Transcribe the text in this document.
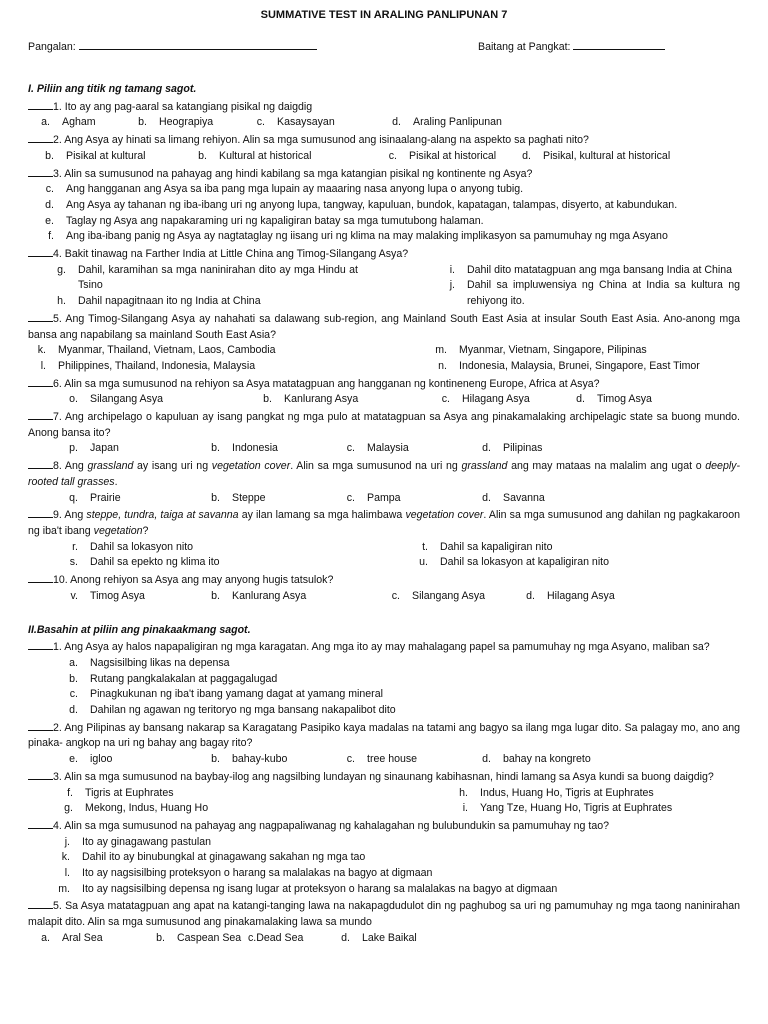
SUMMATIVE TEST IN ARALING PANLIPUNAN 7
Pangalan:	Baitang at Pangkat:
I. Piliin ang titik ng tamang sagot.
1. Ito ay ang pag-aaral sa katangiang pisikal ng daigdig
a.	Agham	b.	Heograpiya	c.	Kasaysayan	d.	Araling Panlipunan
2. Ang Asya ay hinati sa limang rehiyon. Alin sa mga sumusunod ang isinaalang-alang na aspekto sa paghati nito?
b.	Pisikal at kultural	b.	Kultural at historical	c.	Pisikal at historical	d.	Pisikal, kultural at historical
3. Alin sa sumusunod na pahayag ang hindi kabilang sa mga katangian pisikal ng kontinente ng Asya?
c.	Ang hangganan ang Asya sa iba pang mga lupain ay maaaring nasa anyong lupa o anyong tubig.
d.	Ang Asya ay tahanan ng iba-ibang uri ng anyong lupa, tangway, kapuluan, bundok, kapatagan, talampas, disyerto, at kabundukan.
e.	Taglay ng Asya ang napakaraming uri ng kapaligiran batay sa mga tumutubong halaman.
f.	Ang iba-ibang panig ng Asya ay nagtataglay ng iisang uri ng klima na may malaking implikasyon sa pamumuhay ng mga Asyano
4. Bakit tinawag na Farther India at Little China ang Timog-Silangang Asya?
g.	Dahil, karamihan sa mga naninirahan dito ay mga Hindu at Tsino
h.	Dahil napagitnaan ito ng India at China
i.	Dahil dito matatagpuan ang mga bansang India at China
j.	Dahil sa impluwensiya ng China at India sa kultura ng rehiyong ito.
5. Ang Timog-Silangang Asya ay nahahati sa dalawang sub-region, ang Mainland South East Asia at insular South East Asia. Ano-anong mga bansa ang napabilang sa mainland South East Asia?
k.	Myanmar, Thailand, Vietnam, Laos, Cambodia
l.	Philippines, Thailand, Indonesia, Malaysia
m.	Myanmar, Vietnam, Singapore, Pilipinas
n.	Indonesia, Malaysia, Brunei, Singapore, East Timor
6. Alin sa mga sumusunod na rehiyon sa Asya matatagpuan ang hangganan ng kontineneng Europe, Africa at Asya?
o.	Silangang Asya	b.	Kanlurang Asya	c.	Hilagang Asya	d.	Timog Asya
7. Ang archipelago o kapuluan ay isang pangkat ng mga pulo at matatagpuan sa Asya ang pinakamalaking archipelagic state sa buong mundo. Anong bansa ito?
p.	Japan	b.	Indonesia	c.	Malaysia	d.	Pilipinas
8. Ang grassland ay isang uri ng vegetation cover. Alin sa mga sumusunod na uri ng grassland ang may mataas na malalim ang ugat o deeply-rooted tall grasses.
q.	Prairie	b.	Steppe	c.	Pampa	d.	Savanna
9. Ang steppe, tundra, taiga at savanna ay ilan lamang sa mga halimbawa vegetation cover. Alin sa mga sumusunod ang dahilan ng pagkakaroon ng iba't ibang vegetation?
r.	Dahil sa lokasyon nito
s.	Dahil sa epekto ng klima ito
t.	Dahil sa kapaligiran nito
u.	Dahil sa lokasyon at kapaligiran nito
10. Anong rehiyon sa Asya ang may anyong hugis tatsulok?
v.	Timog Asya	b.	Kanlurang Asya	c.	Silangang Asya	d.	Hilagang Asya
II.Basahin at piliin ang pinakaakmang sagot.
1. Ang Asya ay halos napapaligiran ng mga karagatan. Ang mga ito ay may mahalagang papel sa pamumuhay ng mga Asyano, maliban sa?
a.	Nagsisilbing likas na depensa
b.	Rutang pangkalakalan at paggagalugad
c.	Pinagkukunan ng iba't ibang yamang dagat at yamang mineral
d.	Dahilan ng agawan ng teritoryo ng mga bansang nakapalibot dito
2. Ang Pilipinas ay bansang nakarap sa Karagatang Pasipiko kaya madalas na tatami ang bagyo sa ilang mga lugar dito. Sa palagay mo, ano ang pinaka- angkop na uri ng bahay ang bagay rito?
e.	igloo	b.	bahay-kubo	c.	tree house	d.	bahay na kongreto
3. Alin sa mga sumusunod na baybay-ilog ang nagsilbing lundayan ng sinaunang kabihasnan, hindi lamang sa Asya kundi sa buong daigdig?
f.	Tigris at Euphrates
g.	Mekong, Indus, Huang Ho
h.	Indus, Huang Ho, Tigris at Euphrates
i.	Yang Tze, Huang Ho, Tigris at Euphrates
4. Alin sa mga sumusunod na pahayag ang nagpapaliwanag ng kahalagahan ng bulubundukin sa pamumuhay ng tao?
j.	Ito ay ginagawang pastulan
k.	Dahil ito ay binubungkal at ginagawang sakahan ng mga tao
l.	Ito ay nagsisilbing proteksyon o harang sa malalakas na bagyo at digmaan
m.	Ito ay nagsisilbing depensa ng isang lugar at proteksyon o harang sa malalakas na bagyo at digmaan
5. Sa Asya matatagpuan ang apat na katangi-tanging lawa na nakapagdudulot din ng paghubog sa uri ng pamumuhay ng mga taong naninirahan malapit dito. Alin sa mga sumusunod ang pinakamalaking lawa sa mundo
a.	Aral Sea	b.	Caspean Sea c. Dead Sea	d.	Lake Baikal
